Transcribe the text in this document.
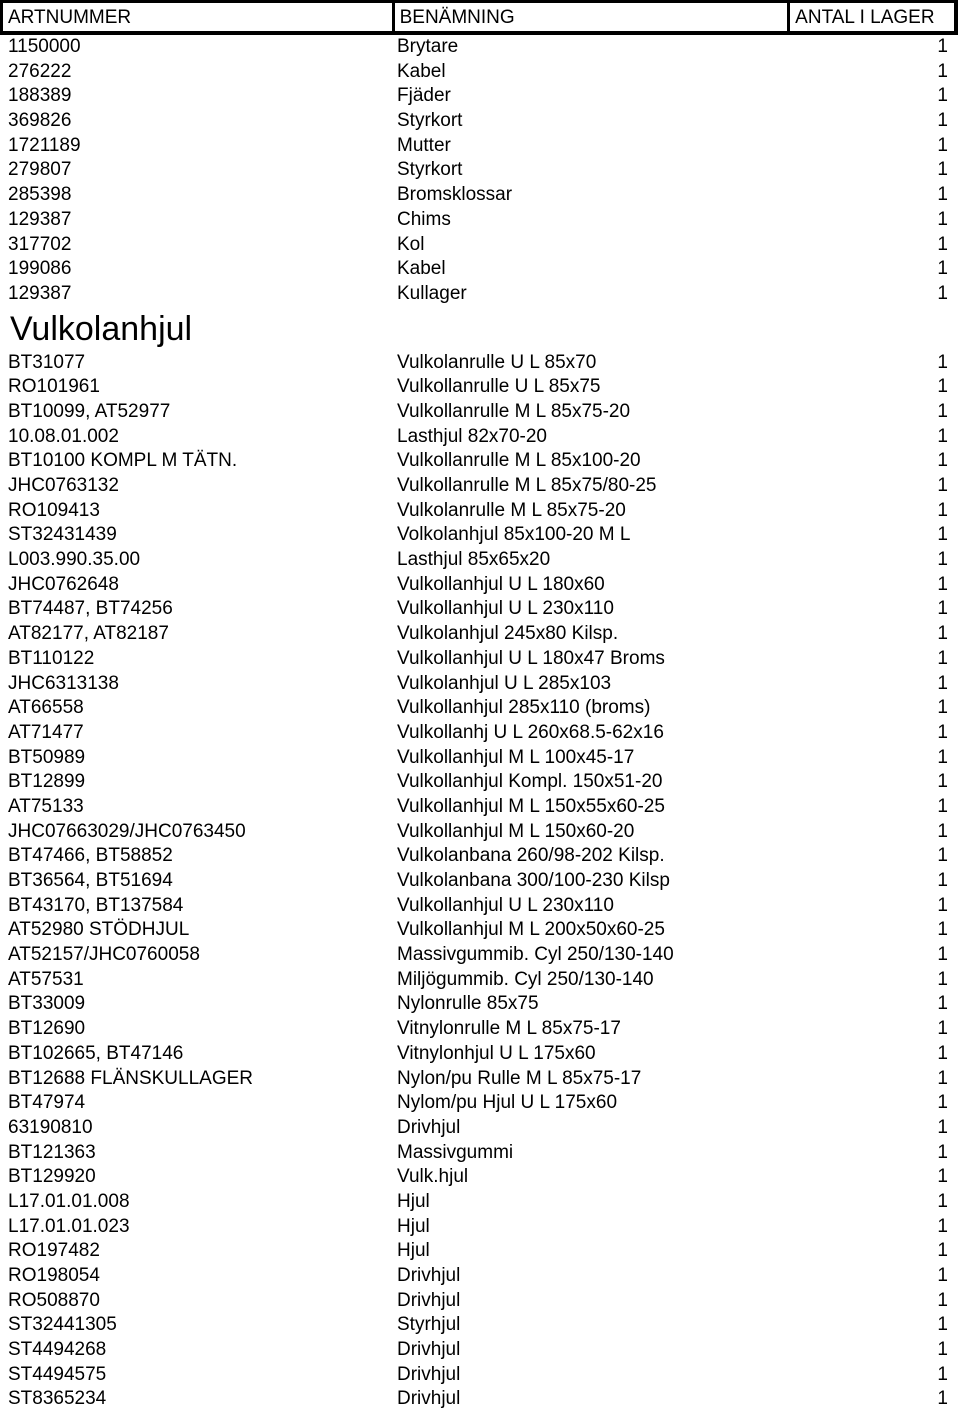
ARTNUMMER	BENÄMNING	ANTAL I LAGER
1150000	Brytare	1
276222	Kabel	1
188389	Fjäder	1
369826	Styrkort	1
1721189	Mutter	1
279807	Styrkort	1
285398	Bromsklossar	1
129387	Chims	1
317702	Kol	1
199086	Kabel	1
129387	Kullager	1
Vulkolanhjul
BT31077	Vulkolanrulle U L 85x70	1
RO101961	Vulkollanrulle U L 85x75	1
BT10099, AT52977	Vulkollanrulle M L 85x75-20	1
10.08.01.002	Lasthjul 82x70-20	1
BT10100 KOMPL M TÄTN.	Vulkollanrulle M L 85x100-20	1
JHC0763132	Vulkollanrulle M L 85x75/80-25	1
RO109413	Vulkolanrulle M L 85x75-20	1
ST32431439	Volkolanhjul 85x100-20 M L	1
L003.990.35.00	Lasthjul 85x65x20	1
JHC0762648	Vulkollanhjul U L 180x60	1
BT74487, BT74256	Vulkollanhjul U L 230x110	1
AT82177, AT82187	Vulkolanhjul 245x80 Kilsp.	1
BT110122	Vulkollanhjul U L 180x47 Broms	1
JHC6313138	Vulkolanhjul U L 285x103	1
AT66558	Vulkollanhjul 285x110 (broms)	1
AT71477	Vulkollanhj U L 260x68.5-62x16	1
BT50989	Vulkollanhjul M L 100x45-17	1
BT12899	Vulkollanhjul Kompl. 150x51-20	1
AT75133	Vulkollanhjul M L 150x55x60-25	1
JHC07663029/JHC0763450	Vulkollanhjul M L 150x60-20	1
BT47466, BT58852	Vulkolanbana 260/98-202 Kilsp.	1
BT36564, BT51694	Vulkolanbana 300/100-230 Kilsp	1
BT43170, BT137584	Vulkollanhjul U L 230x110	1
AT52980 STÖDHJUL	Vulkollanhjul M L 200x50x60-25	1
AT52157/JHC0760058	Massivgummib. Cyl 250/130-140	1
AT57531	Miljögummib. Cyl 250/130-140	1
BT33009	Nylonrulle 85x75	1
BT12690	Vitnylonrulle M L 85x75-17	1
BT102665, BT47146	Vitnylonhjul U L 175x60	1
BT12688 FLÄNSKULLAGER	Nylon/pu Rulle M L 85x75-17	1
BT47974	Nylom/pu Hjul U L 175x60	1
63190810	Drivhjul	1
BT121363	Massivgummi	1
BT129920	Vulk.hjul	1
L17.01.01.008	Hjul	1
L17.01.01.023	Hjul	1
RO197482	Hjul	1
RO198054	Drivhjul	1
RO508870	Drivhjul	1
ST32441305	Styrhjul	1
ST4494268	Drivhjul	1
ST4494575	Drivhjul	1
ST8365234	Drivhjul	1
